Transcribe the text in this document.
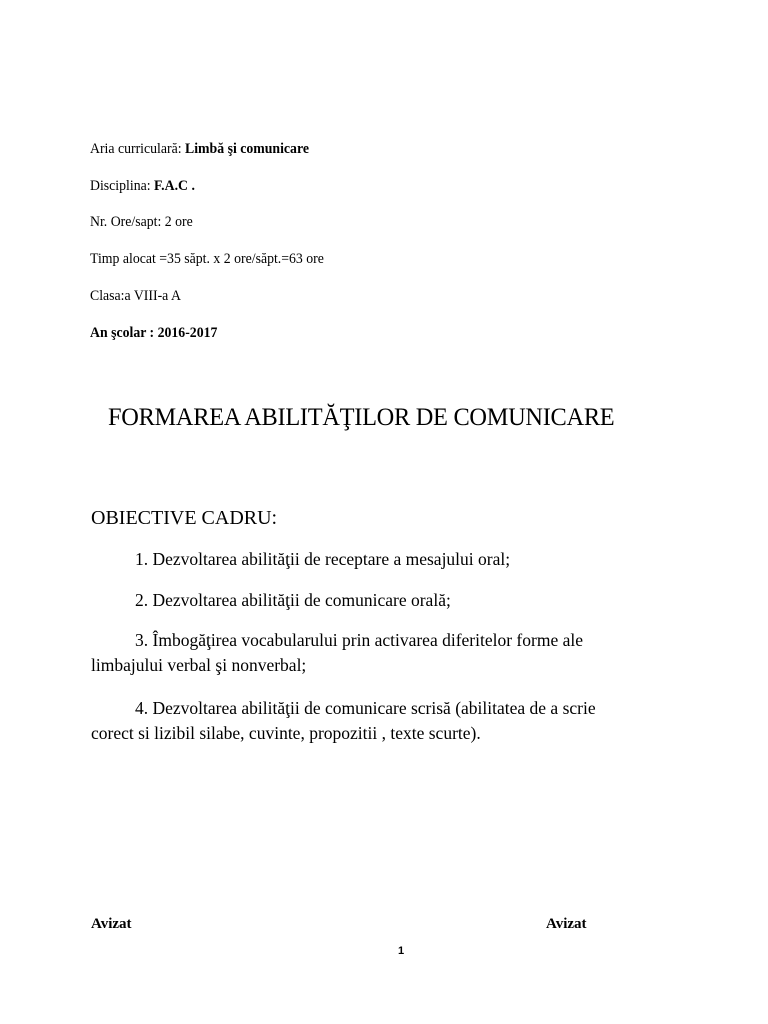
Aria curriculară: Limbă şi comunicare
Disciplina: F.A.C .
Nr. Ore/sapt: 2 ore
Timp alocat =35 săpt. x 2 ore/săpt.=63 ore
Clasa:a VIII-a A
An şcolar : 2016-2017
FORMAREA ABILITĂŢILOR DE COMUNICARE
OBIECTIVE CADRU:
1. Dezvoltarea abilităţii de receptare a mesajului oral;
2. Dezvoltarea abilităţii de comunicare orală;
3. Îmbogăţirea vocabularului prin activarea diferitelor forme ale
limbajului verbal şi nonverbal;
4. Dezvoltarea abilităţii de comunicare scrisă (abilitatea de a scrie
corect si lizibil silabe, cuvinte, propozitii , texte scurte).
Avizat	Avizat
1
